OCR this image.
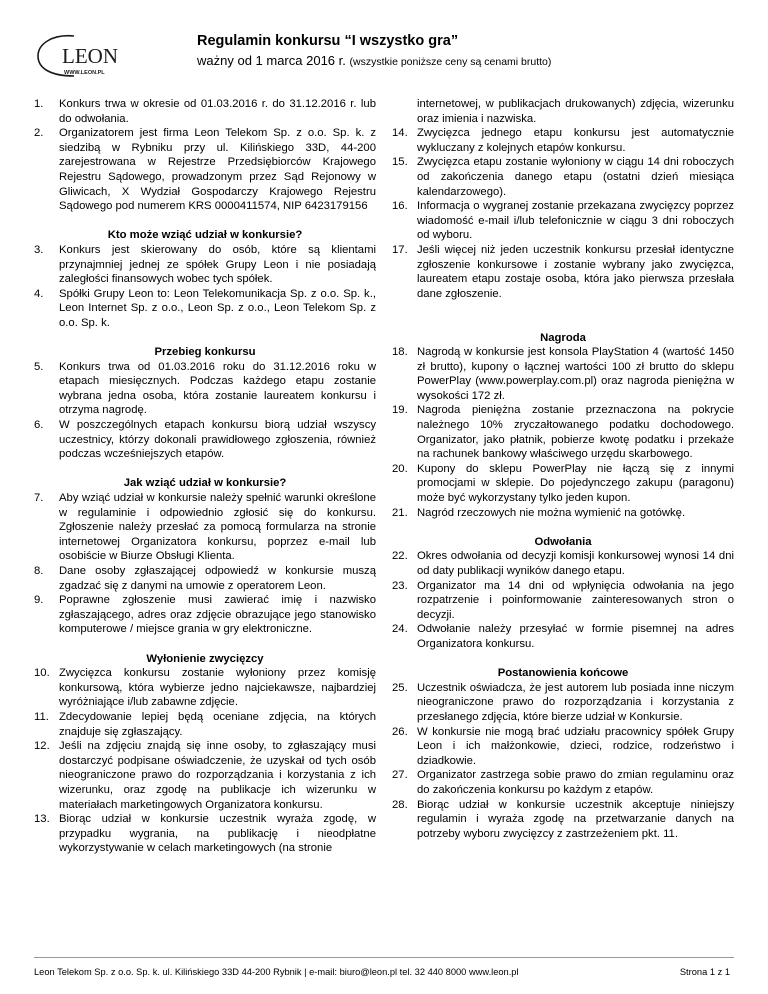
LEON
WWW.LEON.PL
Regulamin konkursu “I wszystko gra”
ważny od 1 marca 2016 r. (wszystkie poniższe ceny są cenami brutto)
1.	Konkurs trwa w okresie od 01.03.2016 r. do 31.12.2016 r. lub do odwołania.
2.	Organizatorem jest firma Leon Telekom Sp. z o.o. Sp. k. z siedzibą w Rybniku przy ul. Kilińskiego 33D, 44-200 zarejestrowana w Rejestrze Przedsiębiorców Krajowego Rejestru Sądowego, prowadzonym przez Sąd Rejonowy w Gliwicach, X Wydział Gospodarczy Krajowego Rejestru Sądowego pod numerem KRS 0000411574, NIP 6423179156
Kto może wziąć udział w konkursie?
3.	Konkurs jest skierowany do osób, które są klientami przynajmniej jednej ze spółek Grupy Leon i nie posiadają zaległości finansowych wobec tych spółek.
4.	Spółki Grupy Leon to: Leon Telekomunikacja Sp. z o.o. Sp. k., Leon Internet Sp. z o.o., Leon Sp. z o.o., Leon Telekom Sp. z o.o. Sp. k.
Przebieg konkursu
5.	Konkurs trwa od 01.03.2016 roku do 31.12.2016 roku w etapach miesięcznych. Podczas każdego etapu zostanie wybrana jedna osoba, która zostanie laureatem konkursu i otrzyma nagrodę.
6.	W poszczególnych etapach konkursu biorą udział wszyscy uczestnicy, którzy dokonali prawidłowego zgłoszenia, również podczas wcześniejszych etapów.
Jak wziąć udział w konkursie?
7.	Aby wziąć udział w konkursie należy spełnić warunki określone w regulaminie i odpowiednio zgłosić się do konkursu. Zgłoszenie należy przesłać za pomocą formularza na stronie internetowej Organizatora konkursu, poprzez e-mail lub osobiście w Biurze Obsługi Klienta.
8.	Dane osoby zgłaszającej odpowiedź w konkursie muszą zgadzać się z danymi na umowie z operatorem Leon.
9.	Poprawne zgłoszenie musi zawierać imię i nazwisko zgłaszającego, adres oraz zdjęcie obrazujące jego stanowisko komputerowe / miejsce grania w gry elektroniczne.
Wyłonienie zwycięzcy
10. Zwycięzca konkursu zostanie wyłoniony przez komisję konkursową, która wybierze jedno najciekawsze, najbardziej wyróżniające i/lub zabawne zdjęcie.
11. Zdecydowanie lepiej będą oceniane zdjęcia, na których znajduje się zgłaszający.
12. Jeśli na zdjęciu znajdą się inne osoby, to zgłaszający musi dostarczyć podpisane oświadczenie, że uzyskał od tych osób nieograniczone prawo do rozporządzania i korzystania z ich wizerunku, oraz zgodę na publikacje ich wizerunku w materiałach marketingowych Organizatora konkursu.
13. Biorąc udział w konkursie uczestnik wyraża zgodę, w przypadku wygrania, na publikację i nieodpłatne wykorzystywanie w celach marketingowych (na stronie
internetowej, w publikacjach drukowanych) zdjęcia, wizerunku oraz imienia i nazwiska.
14. Zwycięzca jednego etapu konkursu jest automatycznie wykluczany z kolejnych etapów konkursu.
15. Zwycięzca etapu zostanie wyłoniony w ciągu 14 dni roboczych od zakończenia danego etapu (ostatni dzień miesiąca kalendarzowego).
16. Informacja o wygranej zostanie przekazana zwycięzcy poprzez wiadomość e-mail i/lub telefonicznie w ciągu 3 dni roboczych od wyboru.
17. Jeśli więcej niż jeden uczestnik konkursu przesłał identyczne zgłoszenie konkursowe i zostanie wybrany jako zwycięzca, laureatem etapu zostaje osoba, która jako pierwsza przesłała dane zgłoszenie.
Nagroda
18. Nagrodą w konkursie jest konsola PlayStation 4 (wartość 1450 zł brutto), kupony o łącznej wartości 100 zł brutto do sklepu PowerPlay (www.powerplay.com.pl) oraz nagroda pieniężna w wysokości 172 zł.
19. Nagroda pieniężna zostanie przeznaczona na pokrycie należnego 10% zryczałtowanego podatku dochodowego. Organizator, jako płatnik, pobierze kwotę podatku i przekaże na rachunek bankowy właściwego urzędu skarbowego.
20. Kupony do sklepu PowerPlay nie łączą się z innymi promocjami w sklepie. Do pojedynczego zakupu (paragonu) może być wykorzystany tylko jeden kupon.
21. Nagród rzeczowych nie można wymienić na gotówkę.
Odwołania
22. Okres odwołania od decyzji komisji konkursowej wynosi 14 dni od daty publikacji wyników danego etapu.
23. Organizator ma 14 dni od wpłynięcia odwołania na jego rozpatrzenie i poinformowanie zainteresowanych stron o decyzji.
24. Odwołanie należy przesyłać w formie pisemnej na adres Organizatora konkursu.
Postanowienia końcowe
25. Uczestnik oświadcza, że jest autorem lub posiada inne niczym nieograniczone prawo do rozporządzania i korzystania z przesłanego zdjęcia, które bierze udział w Konkursie.
26. W konkursie nie mogą brać udziału pracownicy spółek Grupy Leon i ich małżonkowie, dzieci, rodzice, rodzeństwo i dziadkowie.
27. Organizator zastrzega sobie prawo do zmian regulaminu oraz do zakończenia konkursu po każdym z etapów.
28. Biorąc udział w konkursie uczestnik akceptuje niniejszy regulamin i wyraża zgodę na przetwarzanie danych na potrzeby wyboru zwycięzcy z zastrzeżeniem pkt. 11.
Leon Telekom Sp. z o.o. Sp. k. ul. Kilińskiego 33D 44-200 Rybnik | e-mail: biuro@leon.pl tel. 32 440 8000 www.leon.pl	Strona 1 z 1
